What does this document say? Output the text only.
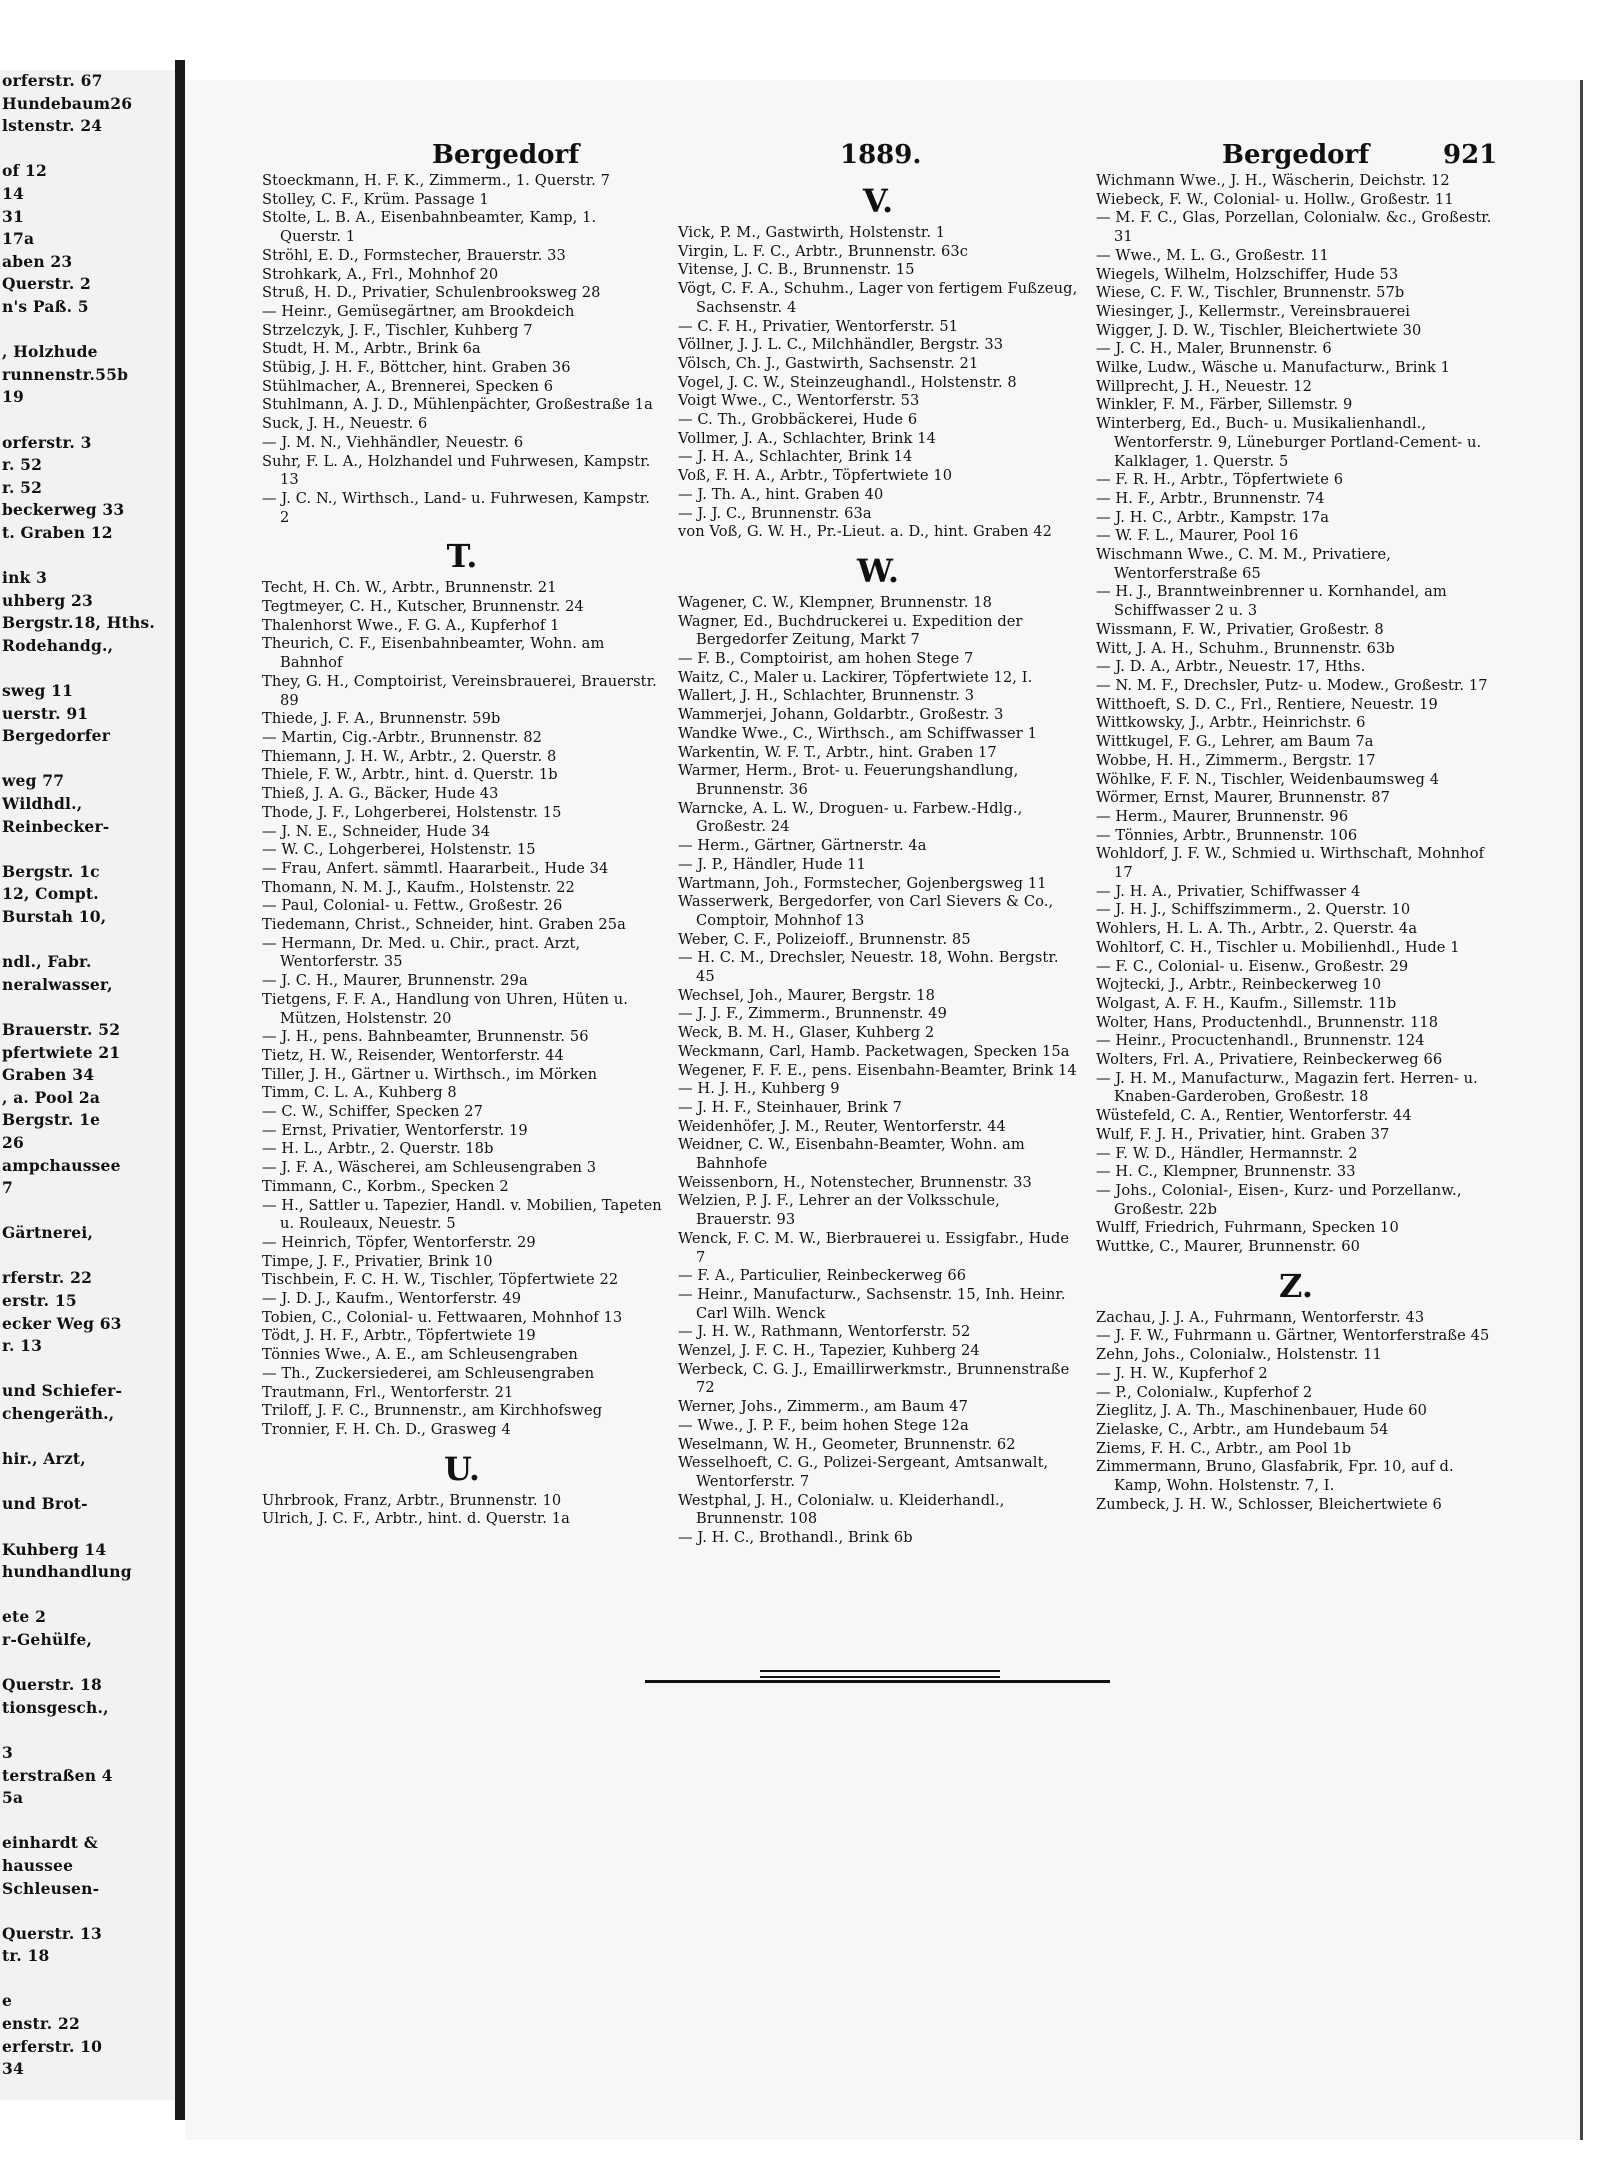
orferstr. 67
Hundebaum26
lstenstr. 24

of 12
14
31
17a
aben 23
Querstr. 2
n's Paß. 5

, Holzhude
runnenstr.55b
19

orferstr. 3
r. 52
r. 52
beckerweg 33
t. Graben 12

ink 3
uhberg 23
Bergstr.18, Hths.
Rodehandg.,

sweg 11
uerstr. 91
Bergedorfer

weg 77
Wildhdl.,
Reinbecker-

Bergstr. 1c
12, Compt.
Burstah 10,

ndl., Fabr.
neralwasser,

Brauerstr. 52
pfertwiete 21
Graben 34
, a. Pool 2a
Bergstr. 1e
26
ampchaussee
7

Gärtnerei,

rferstr. 22
erstr. 15
ecker Weg 63
r. 13

und Schiefer-
chengeräth.,

hir., Arzt,

und Brot-

Kuhberg 14
hundhandlung

ete 2
r-Gehülfe,

Querstr. 18
tionsgesch.,

3
terstraßen 4
5a

einhardt &
haussee
Schleusen-

Querstr. 13
tr. 18

e
enstr. 22
erferstr. 10
34
Bergedorf	1889.	Bergedorf	921
Stoeckmann, H. F. K., Zimmerm., 1. Querstr. 7
Stolley, C. F., Krüm. Passage 1
Stolte, L. B. A., Eisenbahnbeamter, Kamp, 1. Querstr. 1
Ströhl, E. D., Formstecher, Brauerstr. 33
Strohkark, A., Frl., Mohnhof 20
Struß, H. D., Privatier, Schulenbrooksweg 28
— Heinr., Gemüsegärtner, am Brookdeich
Strzelczyk, J. F., Tischler, Kuhberg 7
Studt, H. M., Arbtr., Brink 6a
Stübig, J. H. F., Böttcher, hint. Graben 36
Stühlmacher, A., Brennerei, Specken 6
Stuhlmann, A. J. D., Mühlenpächter, Großestraße 1a
Suck, J. H., Neuestr. 6
— J. M. N., Viehhändler, Neuestr. 6
Suhr, F. L. A., Holzhandel und Fuhrwesen, Kampstr. 13
— J. C. N., Wirthsch., Land- u. Fuhrwesen, Kampstr. 2
T.
Techt, H. Ch. W., Arbtr., Brunnenstr. 21
Tegtmeyer, C. H., Kutscher, Brunnenstr. 24
Thalenhorst Wwe., F. G. A., Kupferhof 1
Theurich, C. F., Eisenbahnbeamter, Wohn. am Bahnhof
They, G. H., Comptoirist, Vereinsbrauerei, Brauerstr. 89
Thiede, J. F. A., Brunnenstr. 59b
— Martin, Cig.-Arbtr., Brunnenstr. 82
Thiemann, J. H. W., Arbtr., 2. Querstr. 8
Thiele, F. W., Arbtr., hint. d. Querstr. 1b
Thieß, J. A. G., Bäcker, Hude 43
Thode, J. F., Lohgerberei, Holstenstr. 15
— J. N. E., Schneider, Hude 34
— W. C., Lohgerberei, Holstenstr. 15
— Frau, Anfert. sämmtl. Haararbeit., Hude 34
Thomann, N. M. J., Kaufm., Holstenstr. 22
— Paul, Colonial- u. Fettw., Großestr. 26
Tiedemann, Christ., Schneider, hint. Graben 25a
— Hermann, Dr. Med. u. Chir., pract. Arzt, Wentorferstr. 35
— J. C. H., Maurer, Brunnenstr. 29a
Tietgens, F. F. A., Handlung von Uhren, Hüten u. Mützen, Holstenstr. 20
— J. H., pens. Bahnbeamter, Brunnenstr. 56
Tietz, H. W., Reisender, Wentorferstr. 44
Tiller, J. H., Gärtner u. Wirthsch., im Mörken
Timm, C. L. A., Kuhberg 8
— C. W., Schiffer, Specken 27
— Ernst, Privatier, Wentorferstr. 19
— H. L., Arbtr., 2. Querstr. 18b
— J. F. A., Wäscherei, am Schleusengraben 3
Timmann, C., Korbm., Specken 2
— H., Sattler u. Tapezier, Handl. v. Mobilien, Tapeten u. Rouleaux, Neuestr. 5
— Heinrich, Töpfer, Wentorferstr. 29
Timpe, J. F., Privatier, Brink 10
Tischbein, F. C. H. W., Tischler, Töpfertwiete 22
— J. D. J., Kaufm., Wentorferstr. 49
Tobien, C., Colonial- u. Fettwaaren, Mohnhof 13
Tödt, J. H. F., Arbtr., Töpfertwiete 19
Tönnies Wwe., A. E., am Schleusengraben
— Th., Zuckersiederei, am Schleusengraben
Trautmann, Frl., Wentorferstr. 21
Triloff, J. F. C., Brunnenstr., am Kirchhofsweg
Tronnier, F. H. Ch. D., Grasweg 4
U.
Uhrbrook, Franz, Arbtr., Brunnenstr. 10
Ulrich, J. C. F., Arbtr., hint. d. Querstr. 1a
V.
Vick, P. M., Gastwirth, Holstenstr. 1
Virgin, L. F. C., Arbtr., Brunnenstr. 63c
Vitense, J. C. B., Brunnenstr. 15
Vögt, C. F. A., Schuhm., Lager von fertigem Fußzeug, Sachsenstr. 4
— C. F. H., Privatier, Wentorferstr. 51
Völlner, J. J. L. C., Milchhändler, Bergstr. 33
Völsch, Ch. J., Gastwirth, Sachsenstr. 21
Vogel, J. C. W., Steinzeughandl., Holstenstr. 8
Voigt Wwe., C., Wentorferstr. 53
— C. Th., Grobbäckerei, Hude 6
Vollmer, J. A., Schlachter, Brink 14
— J. H. A., Schlachter, Brink 14
Voß, F. H. A., Arbtr., Töpfertwiete 10
— J. Th. A., hint. Graben 40
— J. J. C., Brunnenstr. 63a
von Voß, G. W. H., Pr.-Lieut. a. D., hint. Graben 42
W.
Wagener, C. W., Klempner, Brunnenstr. 18
Wagner, Ed., Buchdruckerei u. Expedition der Bergedorfer Zeitung, Markt 7
— F. B., Comptoirist, am hohen Stege 7
Waitz, C., Maler u. Lackirer, Töpfertwiete 12, I.
Wallert, J. H., Schlachter, Brunnenstr. 3
Wammerjei, Johann, Goldarbtr., Großestr. 3
Wandke Wwe., C., Wirthsch., am Schiffwasser 1
Warkentin, W. F. T., Arbtr., hint. Graben 17
Warmer, Herm., Brot- u. Feuerungshandlung, Brunnenstr. 36
Warncke, A. L. W., Droguen- u. Farbew.-Hdlg., Großestr. 24
— Herm., Gärtner, Gärtnerstr. 4a
— J. P., Händler, Hude 11
Wartmann, Joh., Formstecher, Gojenbergsweg 11
Wasserwerk, Bergedorfer, von Carl Sievers & Co., Comptoir, Mohnhof 13
Weber, C. F., Polizeioff., Brunnenstr. 85
— H. C. M., Drechsler, Neuestr. 18, Wohn. Bergstr. 45
Wechsel, Joh., Maurer, Bergstr. 18
— J. J. F., Zimmerm., Brunnenstr. 49
Weck, B. M. H., Glaser, Kuhberg 2
Weckmann, Carl, Hamb. Packetwagen, Specken 15a
Wegener, F. F. E., pens. Eisenbahn-Beamter, Brink 14
— H. J. H., Kuhberg 9
— J. H. F., Steinhauer, Brink 7
Weidenhöfer, J. M., Reuter, Wentorferstr. 44
Weidner, C. W., Eisenbahn-Beamter, Wohn. am Bahnhofe
Weissenborn, H., Notenstecher, Brunnenstr. 33
Welzien, P. J. F., Lehrer an der Volksschule, Brauerstr. 93
Wenck, F. C. M. W., Bierbrauerei u. Essigfabr., Hude 7
— F. A., Particulier, Reinbeckerweg 66
— Heinr., Manufacturw., Sachsenstr. 15, Inh. Heinr. Carl Wilh. Wenck
— J. H. W., Rathmann, Wentorferstr. 52
Wenzel, J. F. C. H., Tapezier, Kuhberg 24
Werbeck, C. G. J., Emaillirwerkmstr., Brunnenstraße 72
Werner, Johs., Zimmerm., am Baum 47
— Wwe., J. P. F., beim hohen Stege 12a
Weselmann, W. H., Geometer, Brunnenstr. 62
Wesselhoeft, C. G., Polizei-Sergeant, Amtsanwalt, Wentorferstr. 7
Westphal, J. H., Colonialw. u. Kleiderhandl., Brunnenstr. 108
— J. H. C., Brothandl., Brink 6b
Wichmann Wwe., J. H., Wäscherin, Deichstr. 12
Wiebeck, F. W., Colonial- u. Hollw., Großestr. 11
— M. F. C., Glas, Porzellan, Colonialw. &c., Großestr. 31
— Wwe., M. L. G., Großestr. 11
Wiegels, Wilhelm, Holzschiffer, Hude 53
Wiese, C. F. W., Tischler, Brunnenstr. 57b
Wiesinger, J., Kellermstr., Vereinsbrauerei
Wigger, J. D. W., Tischler, Bleichertwiete 30
— J. C. H., Maler, Brunnenstr. 6
Wilke, Ludw., Wäsche u. Manufacturw., Brink 1
Willprecht, J. H., Neuestr. 12
Winkler, F. M., Färber, Sillemstr. 9
Winterberg, Ed., Buch- u. Musikalienhandl., Wentorferstr. 9, Lüneburger Portland-Cement- u. Kalklager, 1. Querstr. 5
— F. R. H., Arbtr., Töpfertwiete 6
— H. F., Arbtr., Brunnenstr. 74
— J. H. C., Arbtr., Kampstr. 17a
— W. F. L., Maurer, Pool 16
Wischmann Wwe., C. M. M., Privatiere, Wentorferstraße 65
— H. J., Branntweinbrenner u. Kornhandel, am Schiffwasser 2 u. 3
Wissmann, F. W., Privatier, Großestr. 8
Witt, J. A. H., Schuhm., Brunnenstr. 63b
— J. D. A., Arbtr., Neuestr. 17, Hths.
— N. M. F., Drechsler, Putz- u. Modew., Großestr. 17
Witthoeft, S. D. C., Frl., Rentiere, Neuestr. 19
Wittkowsky, J., Arbtr., Heinrichstr. 6
Wittkugel, F. G., Lehrer, am Baum 7a
Wobbe, H. H., Zimmerm., Bergstr. 17
Wöhlke, F. F. N., Tischler, Weidenbaumsweg 4
Wörmer, Ernst, Maurer, Brunnenstr. 87
— Herm., Maurer, Brunnenstr. 96
— Tönnies, Arbtr., Brunnenstr. 106
Wohldorf, J. F. W., Schmied u. Wirthschaft, Mohnhof 17
— J. H. A., Privatier, Schiffwasser 4
— J. H. J., Schiffszimmerm., 2. Querstr. 10
Wohlers, H. L. A. Th., Arbtr., 2. Querstr. 4a
Wohltorf, C. H., Tischler u. Mobilienhdl., Hude 1
— F. C., Colonial- u. Eisenw., Großestr. 29
Wojtecki, J., Arbtr., Reinbeckerweg 10
Wolgast, A. F. H., Kaufm., Sillemstr. 11b
Wolter, Hans, Productenhdl., Brunnenstr. 118
— Heinr., Procuctenhandl., Brunnenstr. 124
Wolters, Frl. A., Privatiere, Reinbeckerweg 66
— J. H. M., Manufacturw., Magazin fert. Herren- u. Knaben-Garderoben, Großestr. 18
Wüstefeld, C. A., Rentier, Wentorferstr. 44
Wulf, F. J. H., Privatier, hint. Graben 37
— F. W. D., Händler, Hermannstr. 2
— H. C., Klempner, Brunnenstr. 33
— Johs., Colonial-, Eisen-, Kurz- und Porzellanw., Großestr. 22b
Wulff, Friedrich, Fuhrmann, Specken 10
Wuttke, C., Maurer, Brunnenstr. 60
Z.
Zachau, J. J. A., Fuhrmann, Wentorferstr. 43
— J. F. W., Fuhrmann u. Gärtner, Wentorferstraße 45
Zehn, Johs., Colonialw., Holstenstr. 11
— J. H. W., Kupferhof 2
— P., Colonialw., Kupferhof 2
Zieglitz, J. A. Th., Maschinenbauer, Hude 60
Zielaske, C., Arbtr., am Hundebaum 54
Ziems, F. H. C., Arbtr., am Pool 1b
Zimmermann, Bruno, Glasfabrik, Fpr. 10, auf d. Kamp, Wohn. Holstenstr. 7, I.
Zumbeck, J. H. W., Schlosser, Bleichertwiete 6
